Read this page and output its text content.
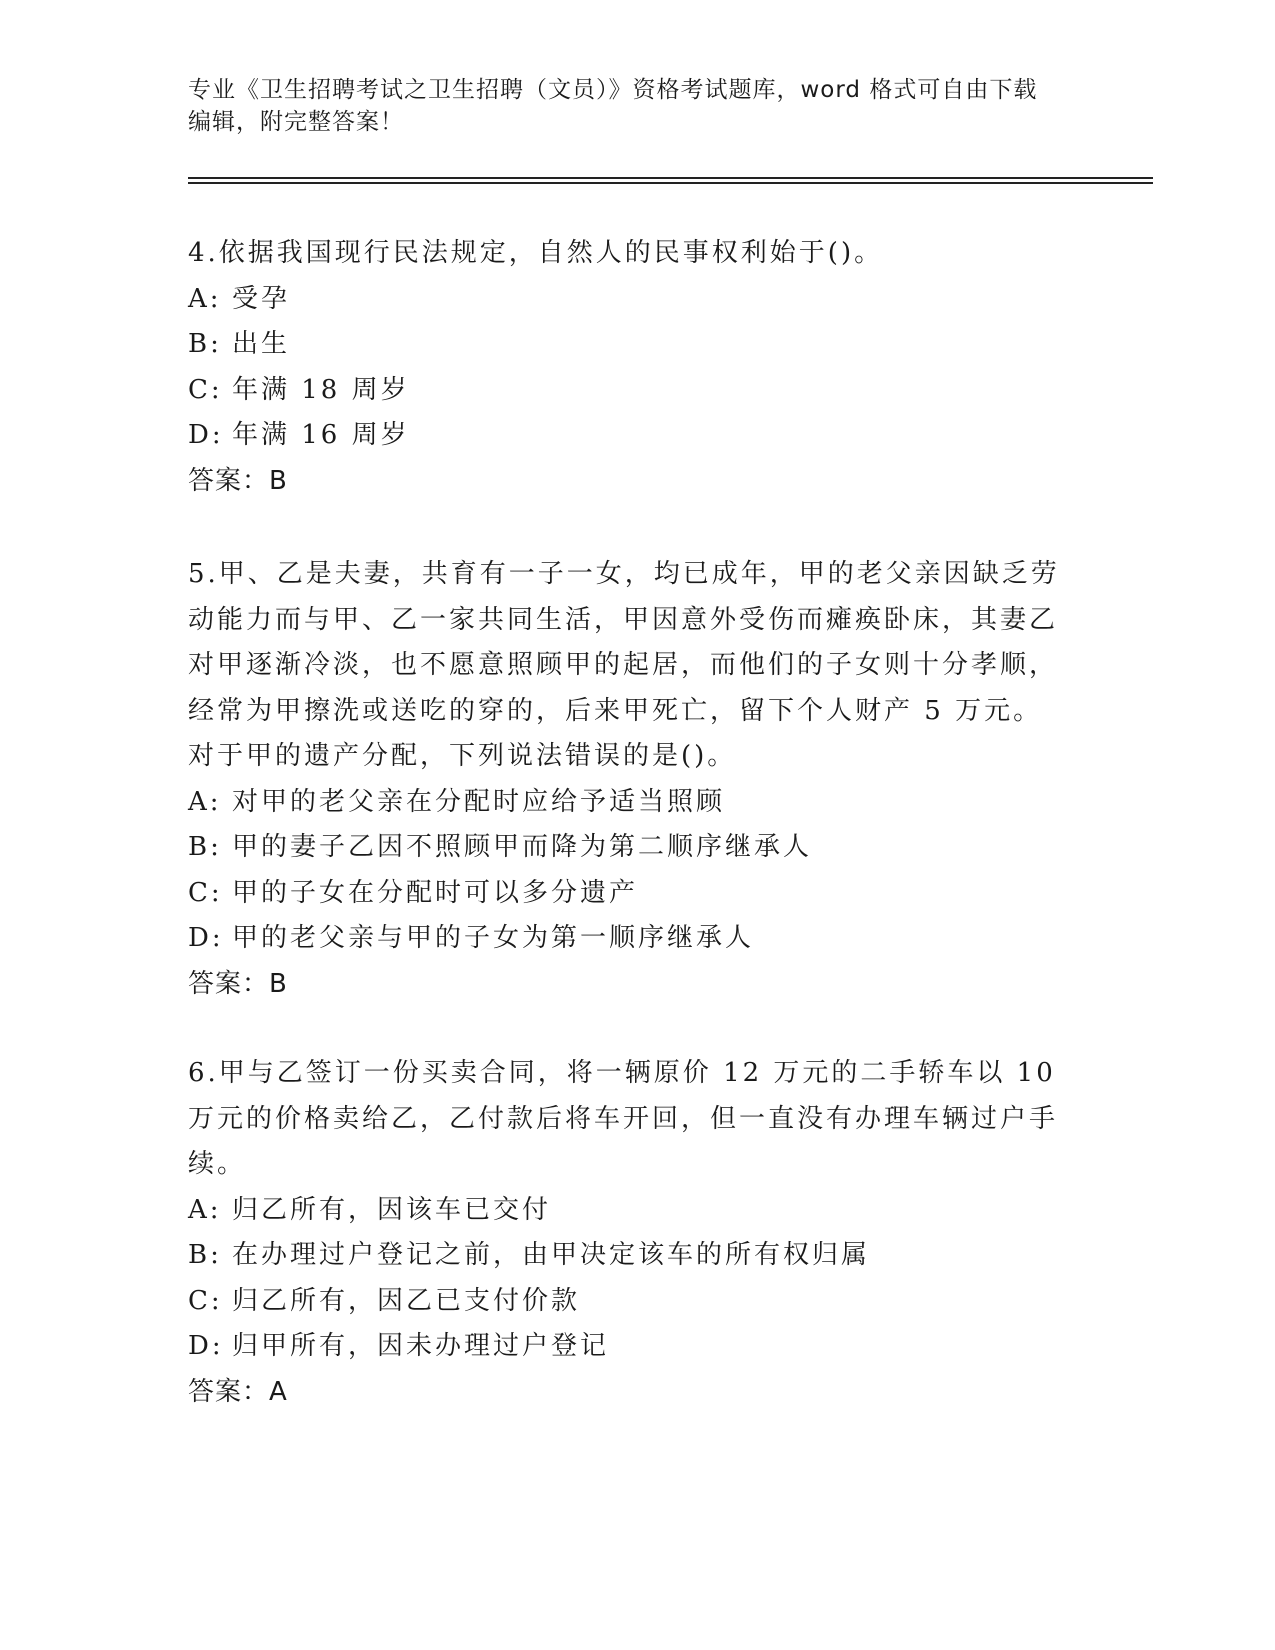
专业《卫生招聘考试之卫生招聘（文员）》资格考试题库，word 格式可自由下载
编辑，附完整答案！

4.依据我国现行民法规定，自然人的民事权利始于()。

A: 受孕

B: 出生

C: 年满 18 周岁

D: 年满 16 周岁

答案：B

5.甲、乙是夫妻，共育有一子一女，均已成年，甲的老父亲因缺乏劳动能力而与甲、乙一家共同生活，甲因意外受伤而瘫痪卧床，其妻乙对甲逐渐冷淡，也不愿意照顾甲的起居，而他们的子女则十分孝顺，经常为甲擦洗或送吃的穿的，后来甲死亡，留下个人财产 5 万元。对于甲的遗产分配，下列说法错误的是()。

A: 对甲的老父亲在分配时应给予适当照顾

B: 甲的妻子乙因不照顾甲而降为第二顺序继承人

C: 甲的子女在分配时可以多分遗产

D: 甲的老父亲与甲的子女为第一顺序继承人

答案：B

6.甲与乙签订一份买卖合同，将一辆原价 12 万元的二手轿车以 10 万元的价格卖给乙，乙付款后将车开回，但一直没有办理车辆过户手续。

A: 归乙所有，因该车已交付

B: 在办理过户登记之前，由甲决定该车的所有权归属

C: 归乙所有，因乙已支付价款

D: 归甲所有，因未办理过户登记

答案：A
